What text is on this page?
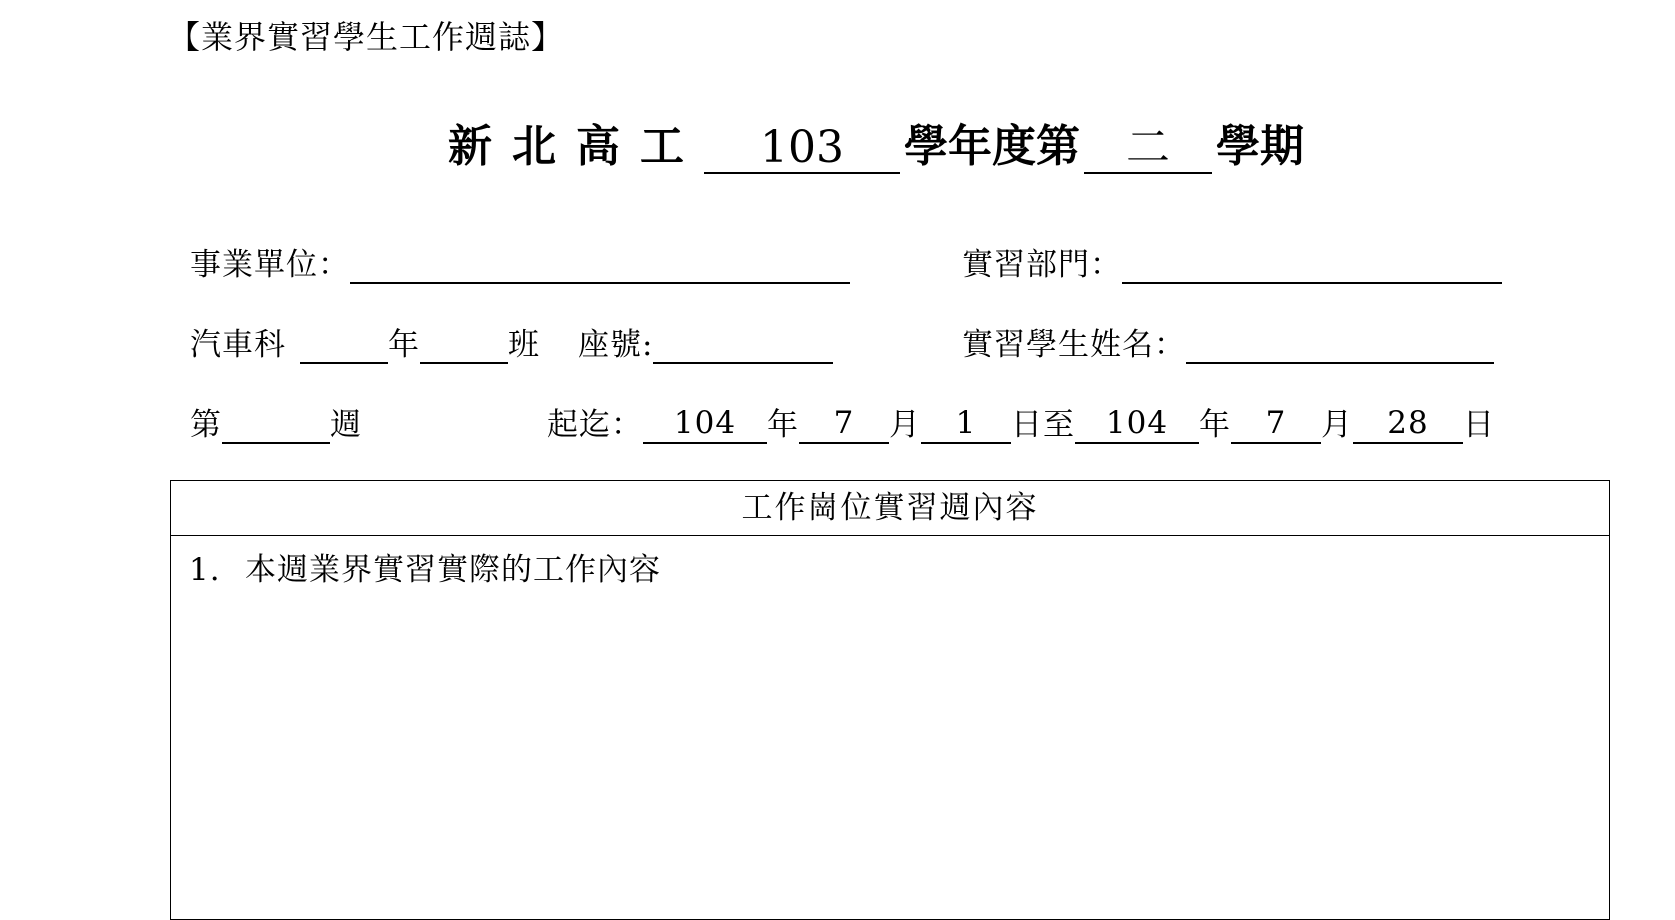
【業界實習學生工作週誌】
新北高工	103	學年度第	二	學期
事業單位：	實習部門：
汽車科	年	班 座號:	實習學生姓名：
第	週	起迄： 104 年	7	月	1	日至 104 年	7	月	28	日
工作崗位實習週內容
1. 本週業界實習實際的工作內容
